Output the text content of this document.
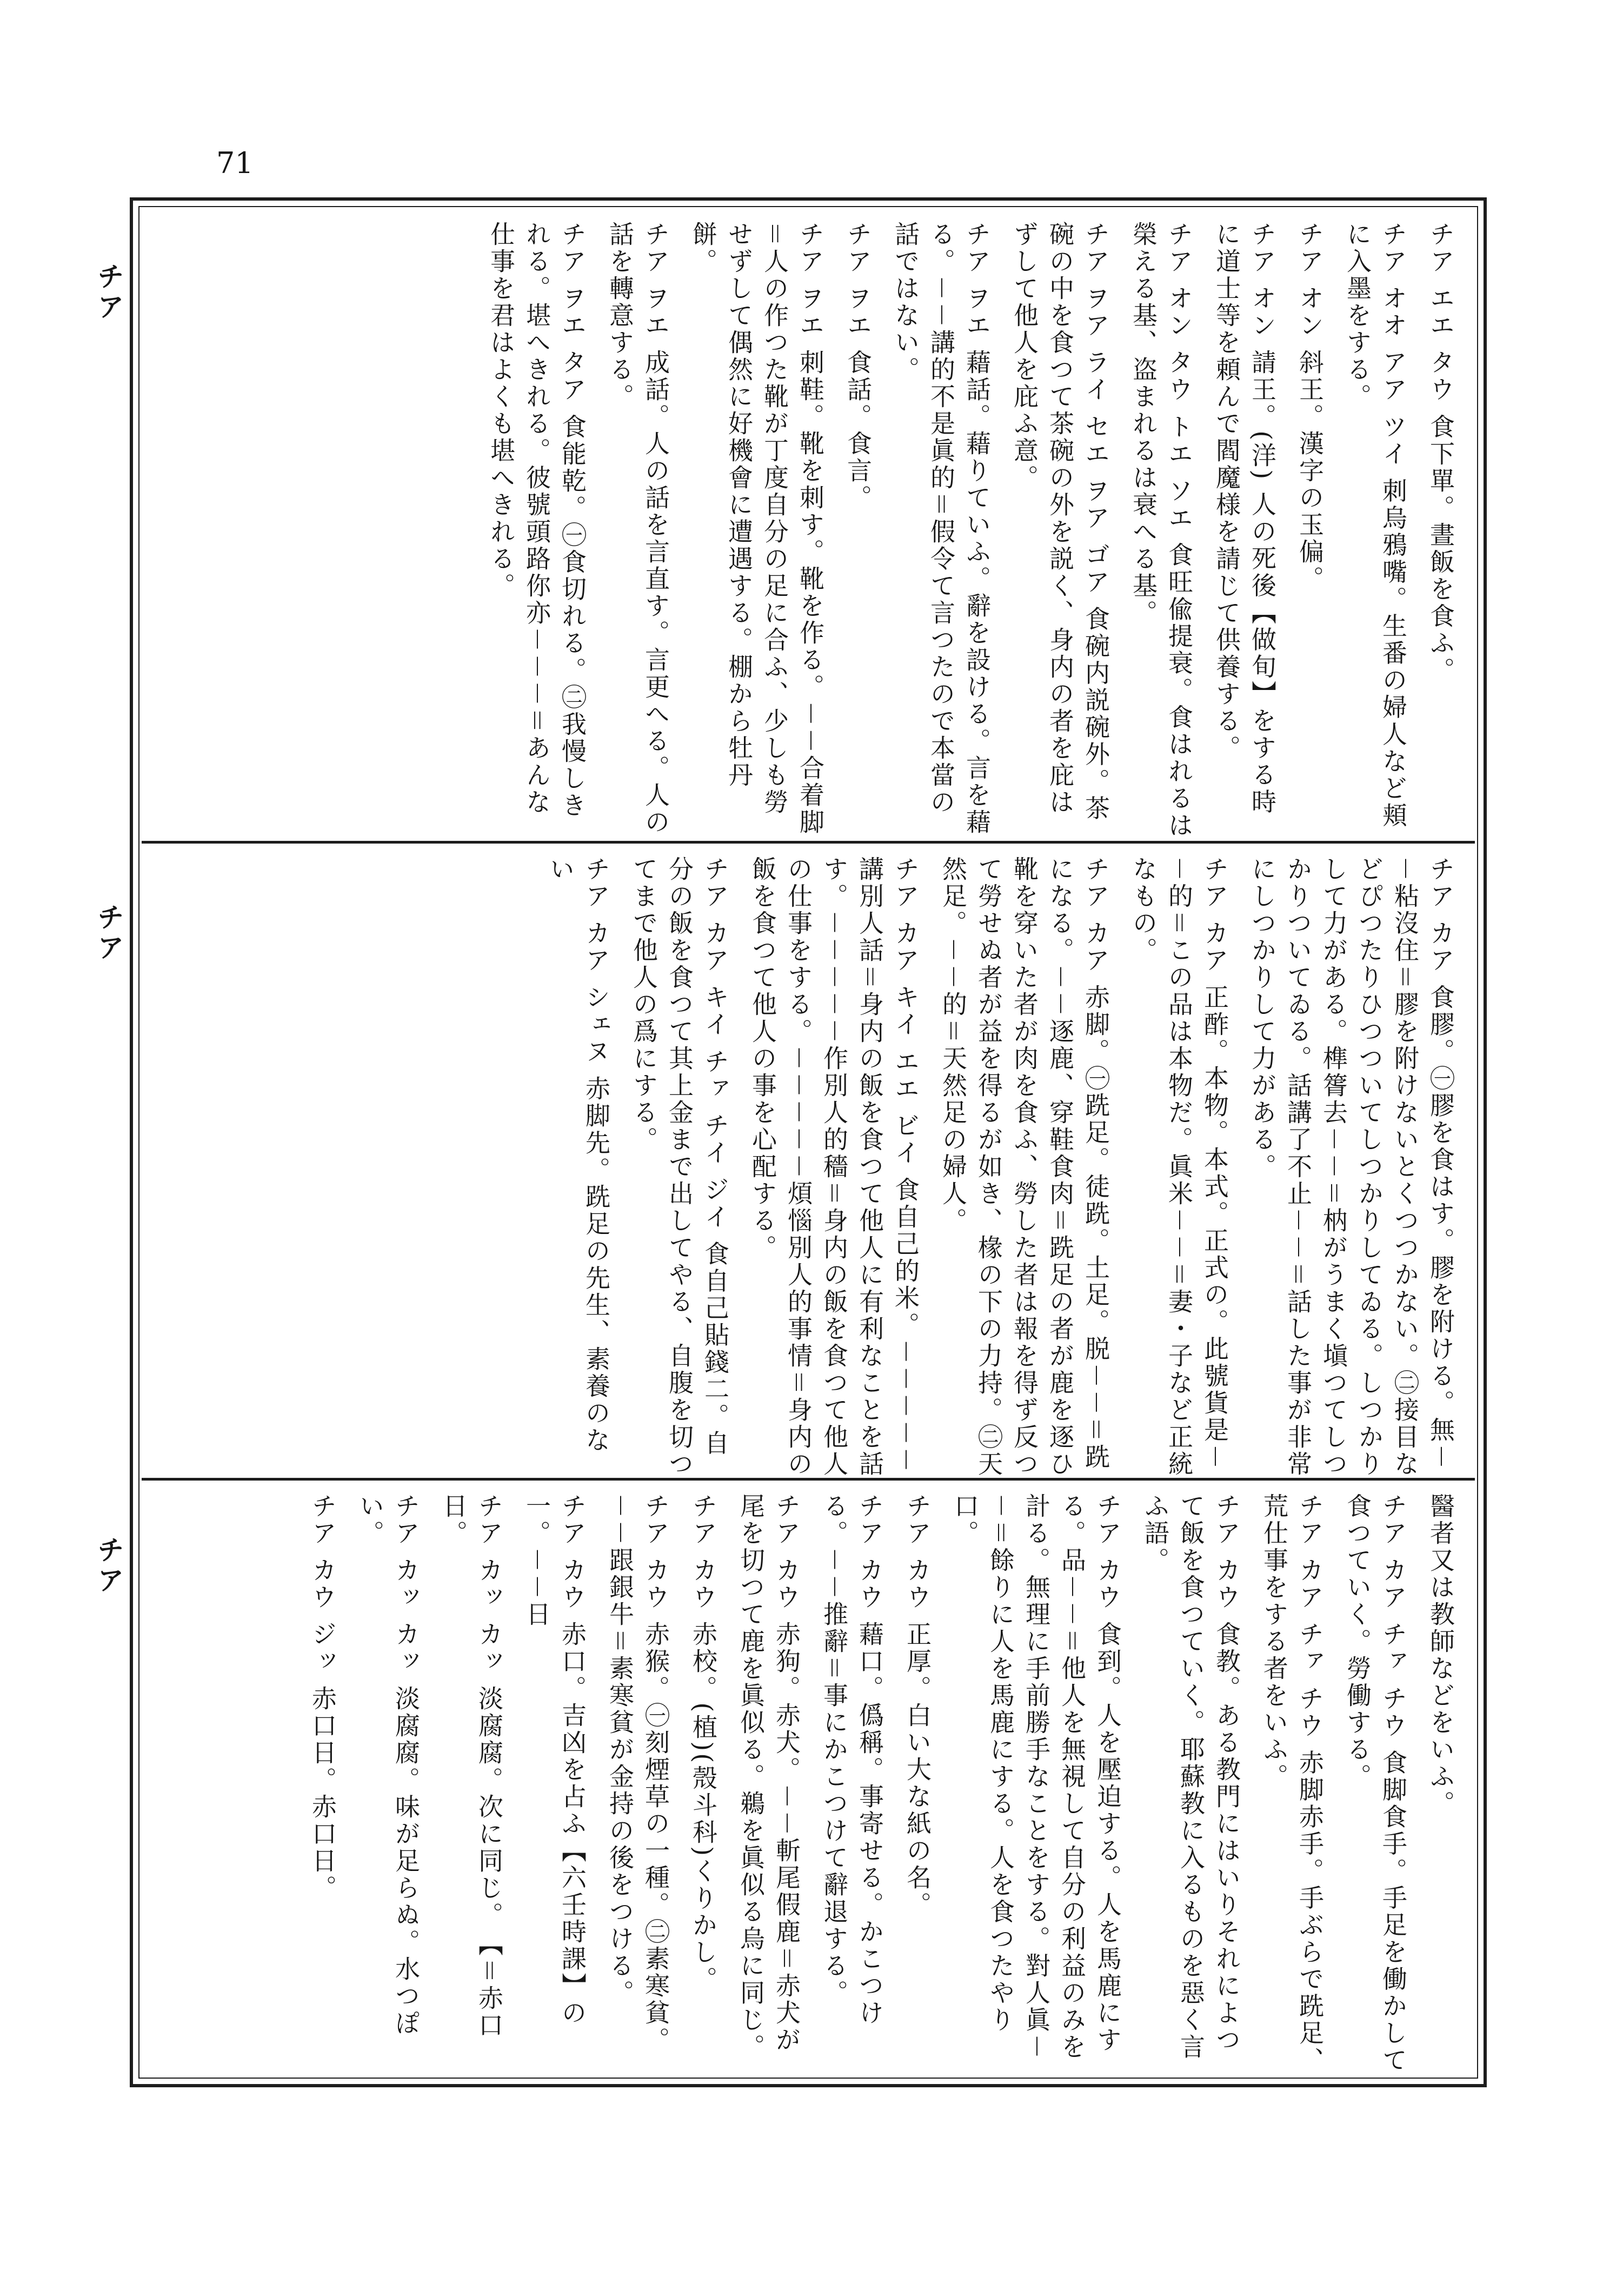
71
チア
チア
チア
チア エエ タウ 食下單。晝飯を食ふ。
チア オオ アア ツイ 刺烏鴉嘴。生番の婦人など頬に入墨をする。
チア オン 斜王。漢字の玉偏。
チア オン 請王。(洋) 人の死後【做旬】をする時に道士等を頼んで閻魔様を請じて供養する。
チア オン タウ トエ ソエ 食旺偸提衰。食はれるは榮える基、盗まれるは衰へる基。
チア ヲア ライ セエ ヲア ゴア 食碗内説碗外。茶碗の中を食つて茶碗の外を説く、身内の者を庇はずして他人を庇ふ意。
チア ヲエ 藉話。藉りていふ。辭を設ける。言を藉る。－－講的不是眞的＝假令て言つたので本當の話ではない。
チア ヲエ 食話。食言。
チア ヲエ 刺鞋。靴を刺す。靴を作る。－－合着脚＝人の作つた靴が丁度自分の足に合ふ、少しも勞せずして偶然に好機會に遭遇する。棚から牡丹餅。
チア ヲエ 成話。人の話を言直す。言更へる。人の話を轉意する。
チア ヲエ タア 食能乾。㊀食切れる。㊁我慢しきれる。堪へきれる。彼號頭路你亦－－－＝あんな仕事を君はよくも堪へきれる。
チア カア 食膠。㊀膠を食はす。膠を附ける。無－－粘沒住＝膠を附けないとくつつかない。㊁接目などぴつたりひつついてしつかりしてゐる。しつかりして力がある。榫䈝去－－＝枘がうまく塡つてしつかりついてゐる。話講了不止－－＝話した事が非常にしつかりして力がある。
チア カア 正酢。本物。本式。正式の。此號貨是－－的＝この品は本物だ。眞米－－＝妻・子など正統なもの。
チア カア 赤脚。㊀跣足。徒跣。土足。脱－－＝跣になる。－－逐鹿、穿鞋食肉＝跣足の者が鹿を逐ひ靴を穿いた者が肉を食ふ、勞した者は報を得ず反つて勞せぬ者が益を得るが如き、椽の下の力持。㊁天然足。－－的＝天然足の婦人。
チア カア キイ エエ ビイ 食自己的米。－－－－－講別人話＝身内の飯を食つて他人に有利なことを話す。－－－－－作別人的穡＝身内の飯を食つて他人の仕事をする。－－－－－煩惱別人的事情＝身内の飯を食つて他人の事を心配する。
チア カア キイ チァ チイ ジイ 食自己貼錢二。自分の飯を食つて其上金まで出してやる、自腹を切つてまで他人の爲にする。
チア カア シェヌ 赤脚先。跣足の先生、素養のない
醫者又は教師などをいふ。
チア カア チァ チウ 食脚食手。手足を働かして食つていく。勞働する。
チア カア チァ チウ 赤脚赤手。手ぶらで跣足、荒仕事をする者をいふ。
チア カウ 食教。ある教門にはいりそれによつて飯を食つていく。耶蘇教に入るものを惡く言ふ語。
チア カウ 食到。人を壓迫する。人を馬鹿にする。品－－＝他人を無視して自分の利益のみを計る。無理に手前勝手なことをする。對人眞－－＝餘りに人を馬鹿にする。人を食つたやり口。
チア カウ 正厚。白い大な紙の名。
チア カウ 藉口。僞稱。事寄せる。かこつける。－－推辭＝事にかこつけて辭退する。
チア カウ 赤狗。赤犬。－－斬尾假鹿＝赤犬が尾を切つて鹿を眞似る。鵜を眞似る烏に同じ。
チア カウ 赤校。(植)(殼斗科)くりかし。
チア カウ 赤猴。㊀刻煙草の一種。㊁素寒貧。－－跟銀牛＝素寒貧が金持の後をつける。
チア カウ 赤口。吉凶を占ふ【六壬時課】の一。－－日
チア カッ カッ 淡腐腐。次に同じ。　【＝赤口日。
チア カッ カッ 淡腐腐。味が足らぬ。水つぽい。
チア カウ ジッ 赤口日。赤口日。
